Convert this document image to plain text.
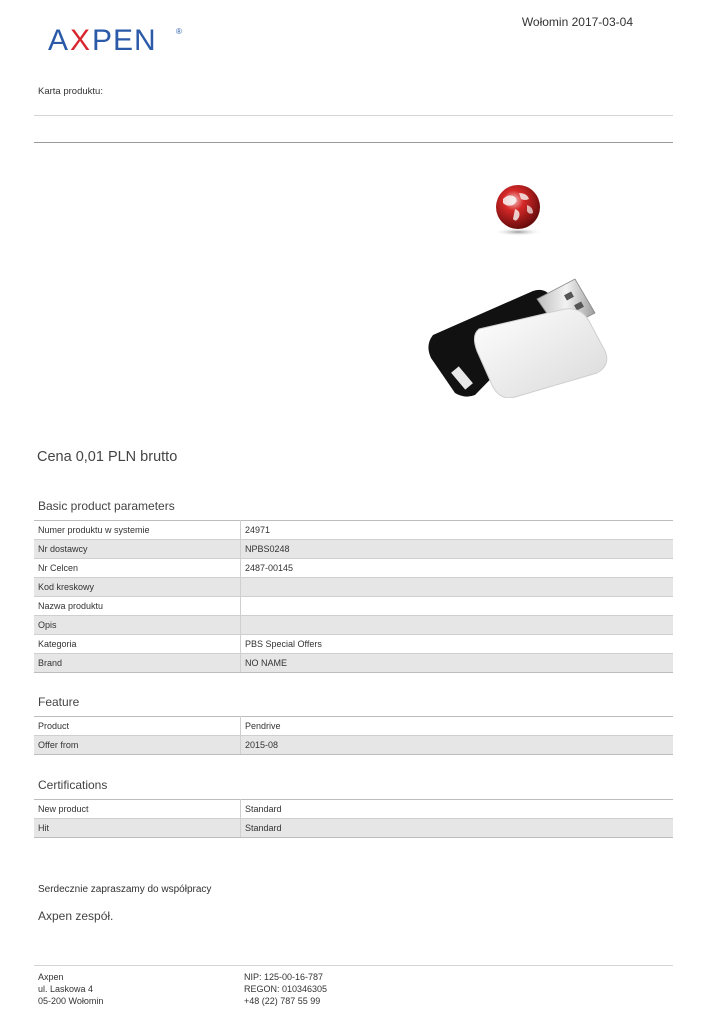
A X PEN ®
Wołomin 2017-03-04
Karta produktu:
Cena 0,01 PLN brutto
Basic product parameters
Numer produktu w systemie	24971
Nr dostawcy	NPBS0248
Nr Celcen	2487-00145
Kod kreskowy	
Nazwa produktu	
Opis	
Kategoria	PBS Special Offers
Brand	NO NAME
Feature
Product	Pendrive
Offer from	2015-08
Certifications
New product	Standard
Hit	Standard
Serdecznie zapraszamy do współpracy
Axpen zespół.
Axpen
ul. Laskowa 4
05-200 Wołomin
NIP: 125-00-16-787
REGON: 010346305
+48 (22) 787 55 99
